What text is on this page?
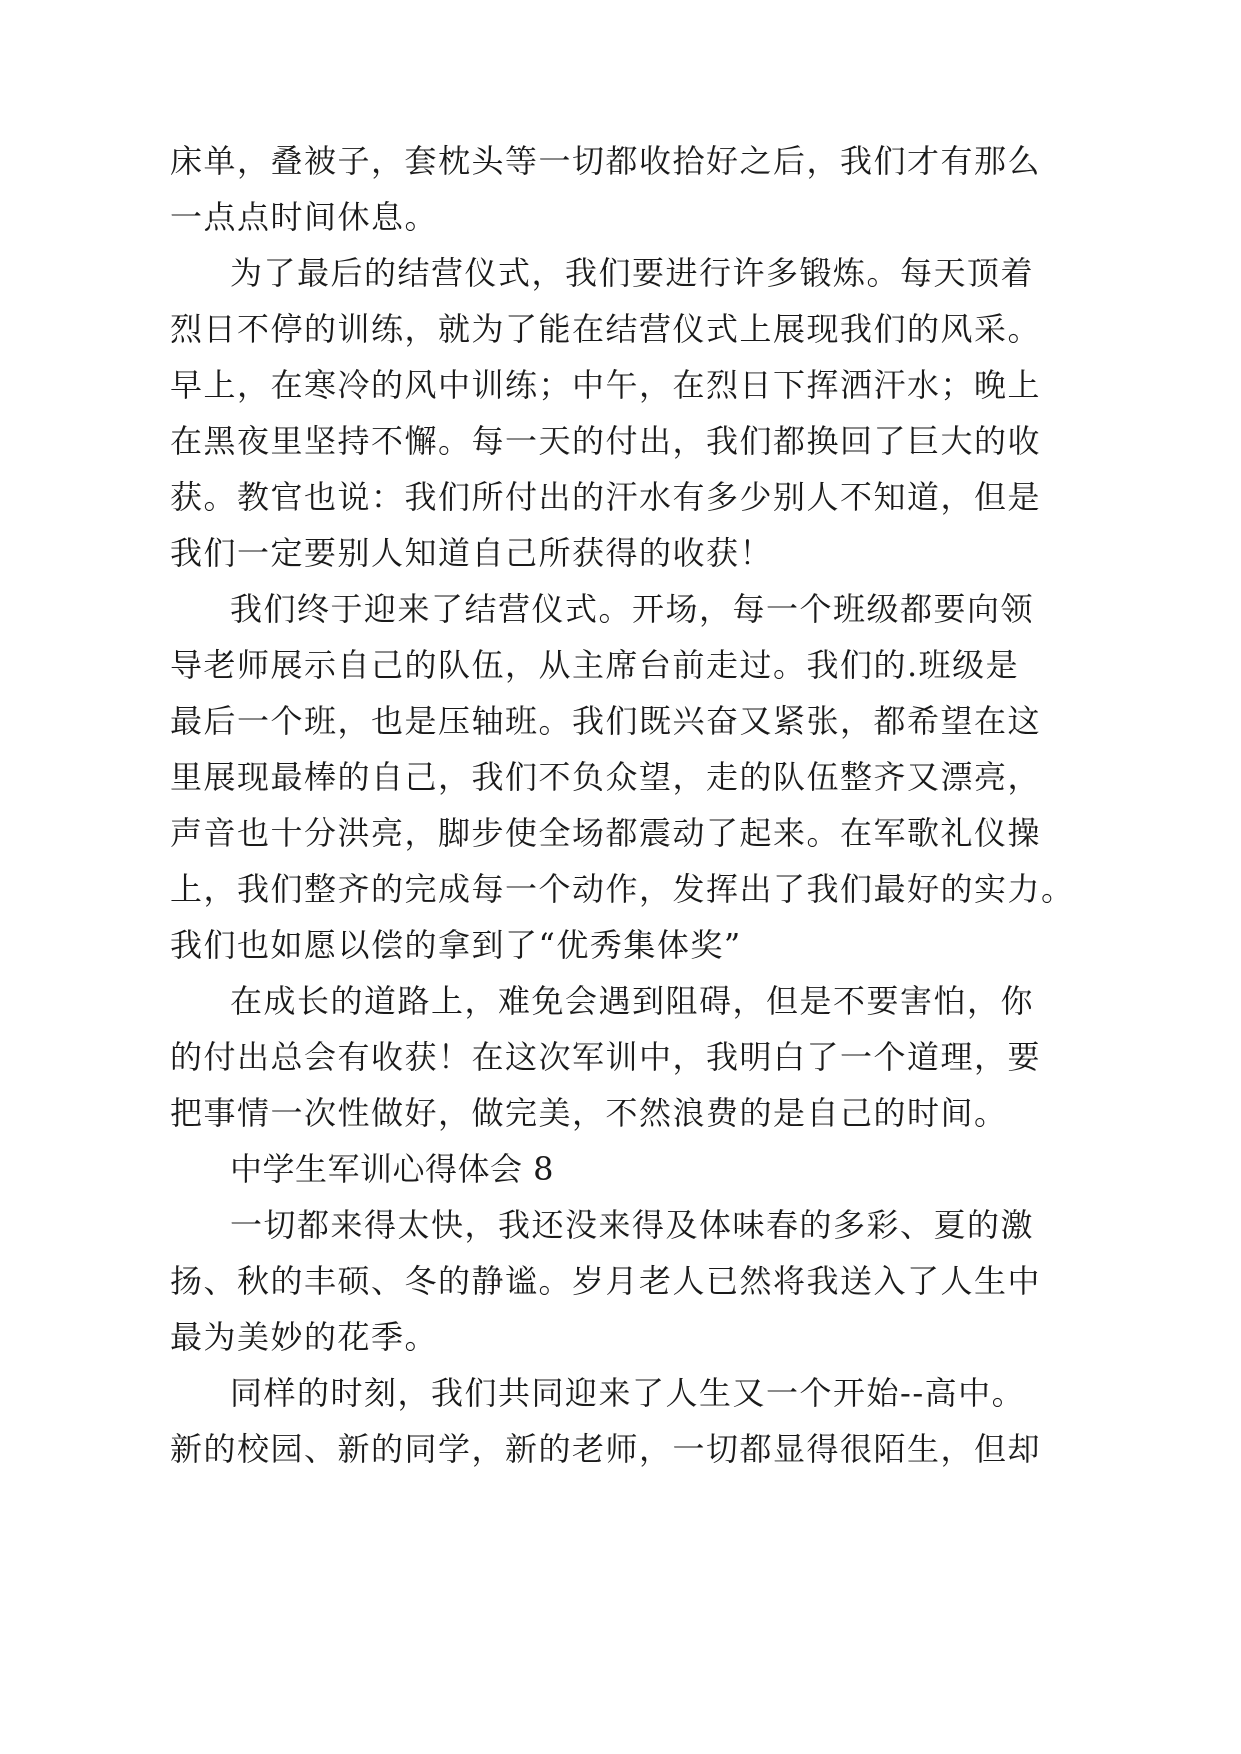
床单，叠被子，套枕头等一切都收拾好之后，我们才有那么
一点点时间休息。
为了最后的结营仪式，我们要进行许多锻炼。每天顶着
烈日不停的训练，就为了能在结营仪式上展现我们的风采。
早上，在寒冷的风中训练；中午，在烈日下挥洒汗水；晚上
在黑夜里坚持不懈。每一天的付出，我们都换回了巨大的收
获。教官也说：我们所付出的汗水有多少别人不知道，但是
我们一定要别人知道自己所获得的收获！
我们终于迎来了结营仪式。开场，每一个班级都要向领
导老师展示自己的队伍，从主席台前走过。我们的.班级是
最后一个班，也是压轴班。我们既兴奋又紧张，都希望在这
里展现最棒的自己，我们不负众望，走的队伍整齐又漂亮，
声音也十分洪亮，脚步使全场都震动了起来。在军歌礼仪操
上，我们整齐的完成每一个动作，发挥出了我们最好的实力。
我们也如愿以偿的拿到了“优秀集体奖”
在成长的道路上，难免会遇到阻碍，但是不要害怕，你
的付出总会有收获！在这次军训中，我明白了一个道理，要
把事情一次性做好，做完美，不然浪费的是自己的时间。
中学生军训心得体会 8
一切都来得太快，我还没来得及体味春的多彩、夏的激
扬、秋的丰硕、冬的静谧。岁月老人已然将我送入了人生中
最为美妙的花季。
同样的时刻，我们共同迎来了人生又一个开始--高中。
新的校园、新的同学，新的老师，一切都显得很陌生，但却
